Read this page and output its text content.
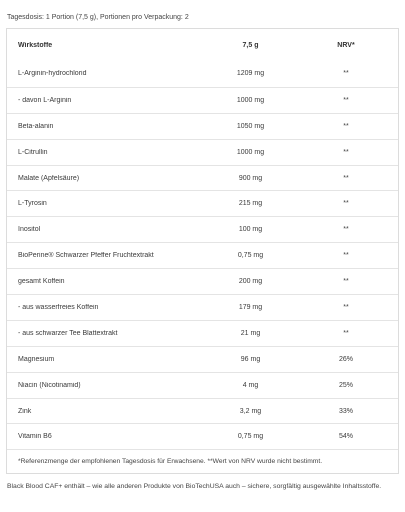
Tagesdosis: 1 Portion (7,5 g), Portionen pro Verpackung: 2
Wirkstoffe	7,5 g	NRV*
L-Arginin-hydrochlorid	1209 mg	**
- davon L-Arginin	1000 mg	**
Beta-alanin	1050 mg	**
L-Citrullin	1000 mg	**
Malate (Apfelsäure)	900 mg	**
L-Tyrosin	215 mg	**
Inositol	100 mg	**
BioPerine® Schwarzer Pfeffer Fruchtextrakt	0,75 mg	**
gesamt Koffein	200 mg	**
- aus wasserfreies Koffein	179 mg	**
- aus schwarzer Tee Blattextrakt	21 mg	**
Magnesium	96 mg	26%
Niacin (Nicotinamid)	4 mg	25%
Zink	3,2 mg	33%
Vitamin B6	0,75 mg	54%
*Referenzmenge der empfohlenen Tagesdosis für Erwachsene. **Wert von NRV wurde nicht bestimmt.
Black Blood CAF+ enthält – wie alle anderen Produkte von BioTechUSA auch – sichere, sorgfältig ausgewählte Inhaltsstoffe.
